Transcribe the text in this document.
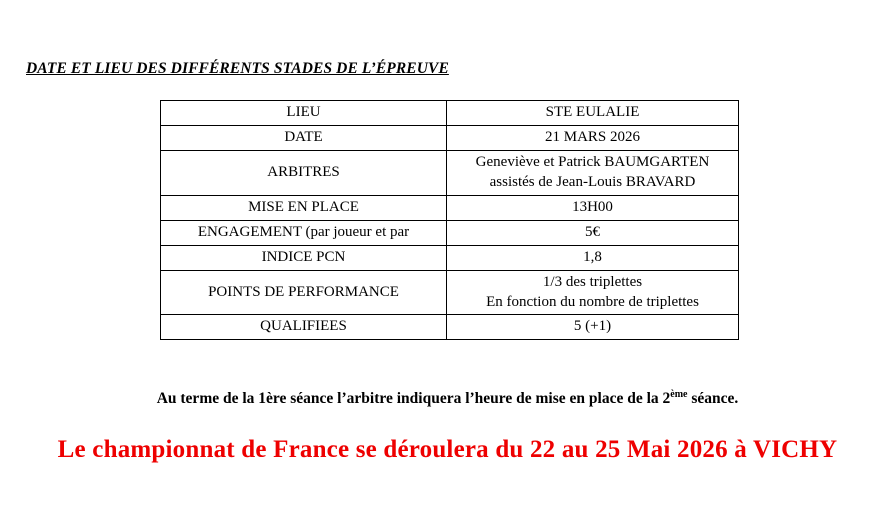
DATE ET LIEU DES DIFFÉRENTS STADES DE L’ÉPREUVE
LIEU	STE EULALIE
DATE	21 MARS 2026
ARBITRES	Geneviève et Patrick BAUMGARTEN
assistés de Jean-Louis BRAVARD

MISE EN PLACE	13H00
ENGAGEMENT (par joueur et par	5€
INDICE PCN	1,8
POINTS DE PERFORMANCE	1/3 des triplettes
En fonction du nombre de triplettes

QUALIFIEES	5 (+1)
Au terme de la 1ère séance l’arbitre indiquera l’heure de mise en place de la 2ème séance.
Le championnat de France se déroulera du 22 au 25 Mai 2026 à VICHY
